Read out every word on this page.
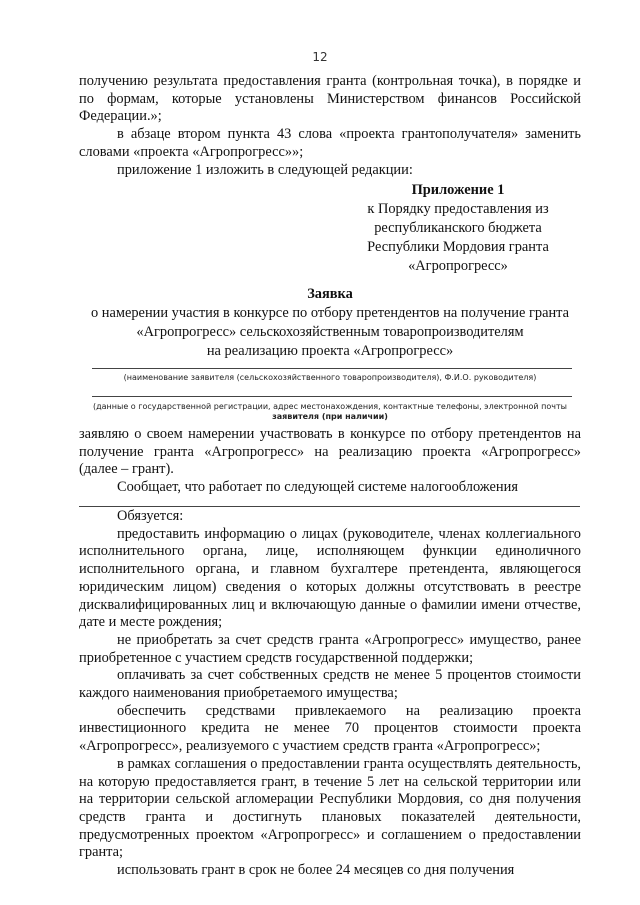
12

получению результата предоставления гранта (контрольная точка), в порядке и по формам, которые установлены Министерством финансов Российской Федерации.»;

в абзаце втором пункта 43 слова «проекта грантополучателя» заменить словами «проекта «Агропрогресс»»;

приложение 1 изложить в следующей редакции:

Приложение 1
к Порядку предоставления из
республиканского бюджета
Республики Мордовия гранта
«Агропрогресс»
Заявка
о намерении участия в конкурсе по отбору претендентов на получение гранта
«Агропрогресс» сельскохозяйственным товаропроизводителям
на реализацию проекта «Агропрогресс»
(наименование заявителя (сельскохозяйственного товаропроизводителя), Ф.И.О. руководителя)
(данные о государственной регистрации, адрес местонахождения, контактные телефоны, электронной почты
заявителя (при наличии)

заявляю о своем намерении участвовать в конкурсе по отбору претендентов на получение гранта «Агропрогресс» на реализацию проекта «Агропрогресс» (далее – грант).

Сообщает, что работает по следующей системе налогообложения

Обязуется:

предоставить информацию о лицах (руководителе, членах коллегиального исполнительного органа, лице, исполняющем функции единоличного исполнительного органа, и главном бухгалтере претендента, являющегося юридическим лицом) сведения о которых должны отсутствовать в реестре дисквалифицированных лиц и включающую данные о фамилии имени отчестве, дате и месте рождения;

не приобретать за счет средств гранта «Агропрогресс» имущество, ранее приобретенное с участием средств государственной поддержки;

оплачивать за счет собственных средств не менее 5 процентов стоимости каждого наименования приобретаемого имущества;

обеспечить средствами привлекаемого на реализацию проекта инвестиционного кредита не менее 70 процентов стоимости проекта «Агропрогресс», реализуемого с участием средств гранта «Агропрогресс»;

в рамках соглашения о предоставлении гранта осуществлять деятельность, на которую предоставляется грант, в течение 5 лет на сельской территории или на территории сельской агломерации Республики Мордовия, со дня получения средств гранта и достигнуть плановых показателей деятельности, предусмотренных проектом «Агропрогресс» и соглашением о предоставлении гранта;

использовать грант в срок не более 24 месяцев со дня получения
